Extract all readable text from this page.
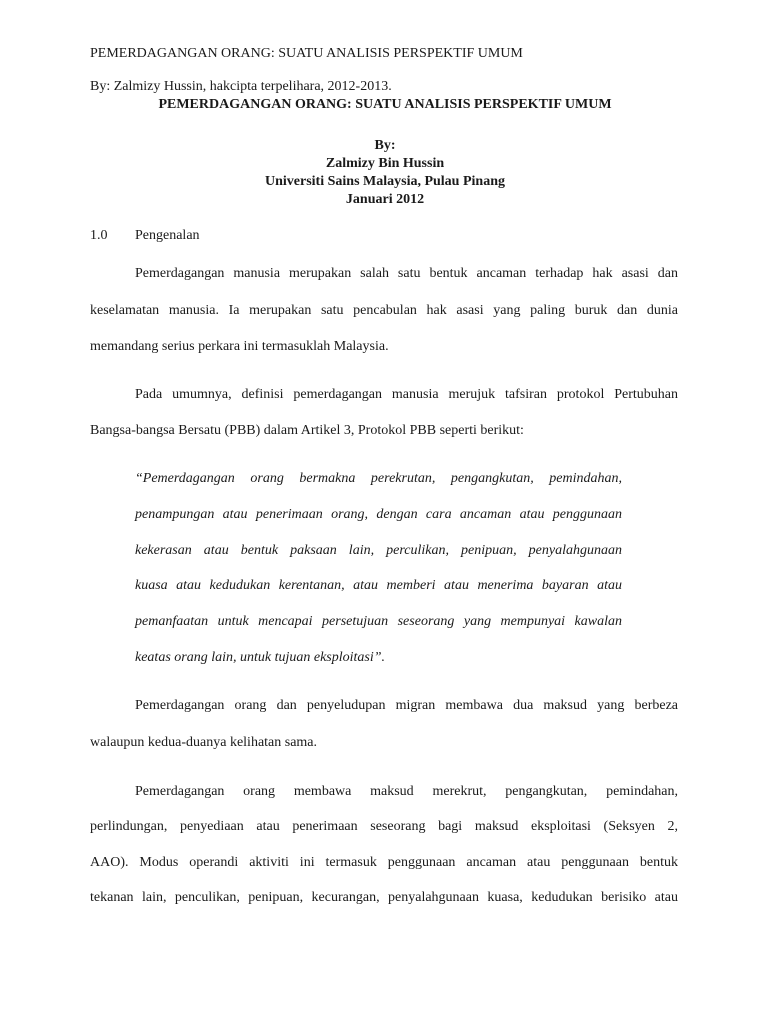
PEMERDAGANGAN ORANG: SUATU ANALISIS PERSPEKTIF UMUM
By: Zalmizy Hussin, hakcipta terpelihara, 2012-2013.
PEMERDAGANGAN ORANG: SUATU ANALISIS PERSPEKTIF UMUM
By:
Zalmizy Bin Hussin
Universiti Sains Malaysia, Pulau Pinang
Januari 2012
1.0 Pengenalan
Pemerdagangan manusia merupakan salah satu bentuk ancaman terhadap hak asasi dan
keselamatan manusia. Ia merupakan satu pencabulan hak asasi yang paling buruk dan dunia
memandang serius perkara ini termasuklah Malaysia.
Pada umumnya, definisi pemerdagangan manusia merujuk tafsiran protokol Pertubuhan
Bangsa-bangsa Bersatu (PBB) dalam Artikel 3, Protokol PBB seperti berikut:
“Pemerdagangan orang bermakna perekrutan, pengangkutan, pemindahan,
penampungan atau penerimaan orang, dengan cara ancaman atau penggunaan
kekerasan atau bentuk paksaan lain, perculikan, penipuan, penyalahgunaan
kuasa atau kedudukan kerentanan, atau memberi atau menerima bayaran atau
pemanfaatan untuk mencapai persetujuan seseorang yang mempunyai kawalan
keatas orang lain, untuk tujuan eksploitasi”.
Pemerdagangan orang dan penyeludupan migran membawa dua maksud yang berbeza
walaupun kedua-duanya kelihatan sama.
Pemerdagangan orang membawa maksud merekrut, pengangkutan, pemindahan,
perlindungan, penyediaan atau penerimaan seseorang bagi maksud eksploitasi (Seksyen 2,
AAO). Modus operandi aktiviti ini termasuk penggunaan ancaman atau penggunaan bentuk
tekanan lain, penculikan, penipuan, kecurangan, penyalahgunaan kuasa, kedudukan berisiko atau
